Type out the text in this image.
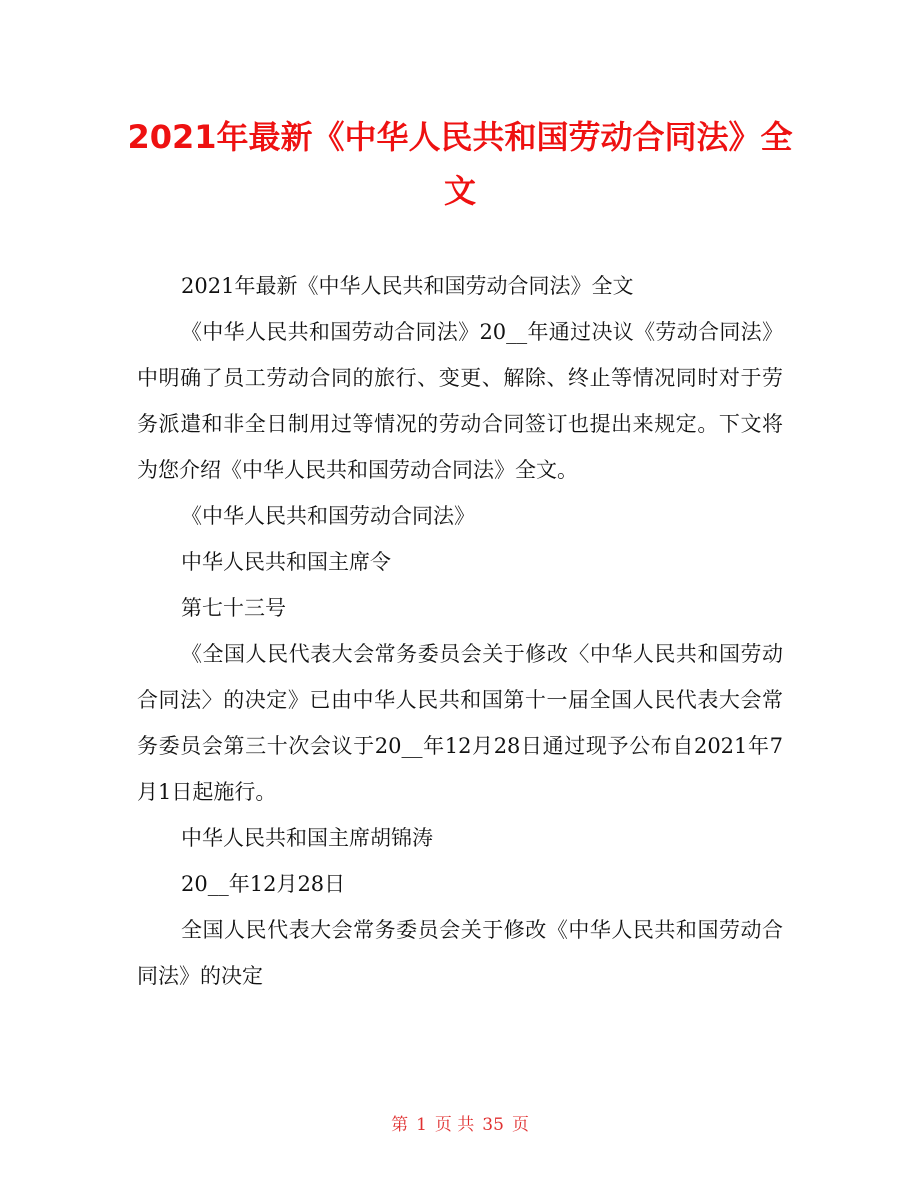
2021年最新《中华人民共和国劳动合同法》全文

2021年最新《中华人民共和国劳动合同法》全文

《中华人民共和国劳动合同法》20__年通过决议《劳动合同法》中明确了员工劳动合同的旅行、变更、解除、终止等情况同时对于劳务派遣和非全日制用过等情况的劳动合同签订也提出来规定。下文将为您介绍《中华人民共和国劳动合同法》全文。

《中华人民共和国劳动合同法》

中华人民共和国主席令

第七十三号

《全国人民代表大会常务委员会关于修改〈中华人民共和国劳动合同法〉的决定》已由中华人民共和国第十一届全国人民代表大会常务委员会第三十次会议于20__年12月28日通过现予公布自2021年7月1日起施行。

中华人民共和国主席胡锦涛

20__年12月28日

全国人民代表大会常务委员会关于修改《中华人民共和国劳动合同法》的决定

第 1 页 共 35 页
